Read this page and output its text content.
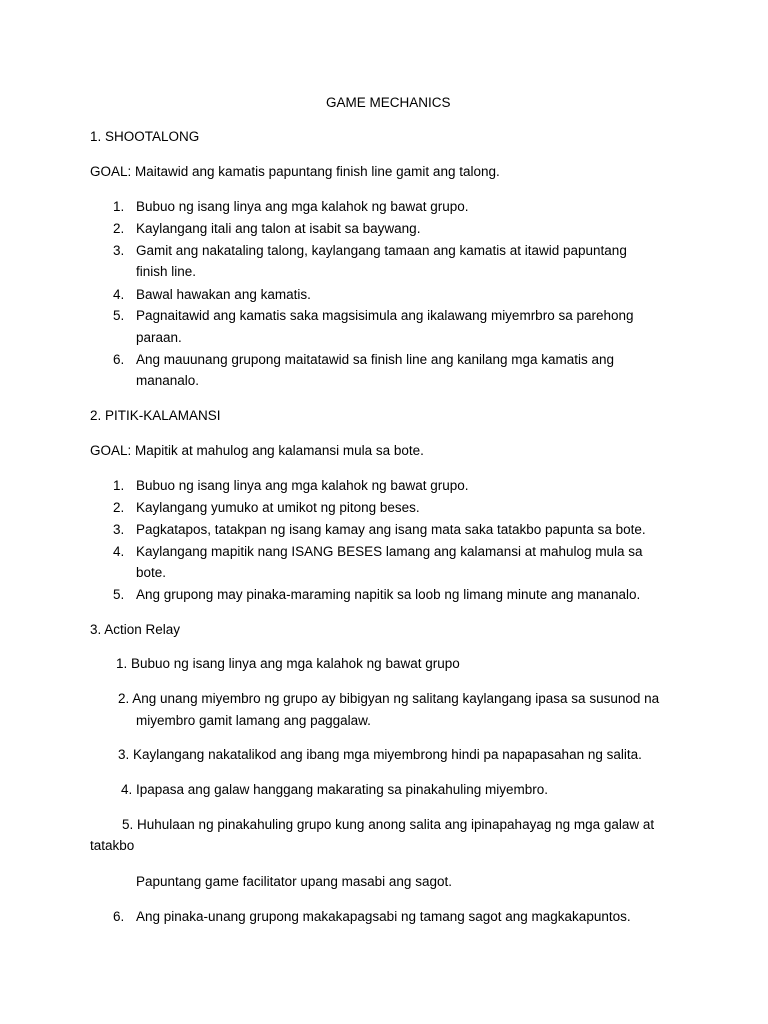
GAME MECHANICS
1. SHOOTALONG
GOAL: Maitawid ang kamatis papuntang finish line gamit ang talong.
1. Bubuo ng isang linya ang mga kalahok ng bawat grupo.
2. Kaylangang itali ang talon at isabit sa baywang.
3. Gamit ang nakataling talong, kaylangang tamaan ang kamatis at itawid papuntang
finish line.
4. Bawal hawakan ang kamatis.
5. Pagnaitawid ang kamatis saka magsisimula ang ikalawang miyemrbro sa parehong
paraan.
6. Ang mauunang grupong maitatawid sa finish line ang kanilang mga kamatis ang
mananalo.
2. PITIK-KALAMANSI
GOAL: Mapitik at mahulog ang kalamansi mula sa bote.
1. Bubuo ng isang linya ang mga kalahok ng bawat grupo.
2. Kaylangang yumuko at umikot ng pitong beses.
3. Pagkatapos, tatakpan ng isang kamay ang isang mata saka tatakbo papunta sa bote.
4. Kaylangang mapitik nang ISANG BESES lamang ang kalamansi at mahulog mula sa
bote.
5. Ang grupong may pinaka-maraming napitik sa loob ng limang minute ang mananalo.
3. Action Relay
1. Bubuo ng isang linya ang mga kalahok ng bawat grupo
2. Ang unang miyembro ng grupo ay bibigyan ng salitang kaylangang ipasa sa susunod na
miyembro gamit lamang ang paggalaw.
3. Kaylangang nakatalikod ang ibang mga miyembrong hindi pa napapasahan ng salita.
4. Ipapasa ang galaw hanggang makarating sa pinakahuling miyembro.
5. Huhulaan ng pinakahuling grupo kung anong salita ang ipinapahayag ng mga galaw at
tatakbo
Papuntang game facilitator upang masabi ang sagot.
6. Ang pinaka-unang grupong makakapagsabi ng tamang sagot ang magkakapuntos.
